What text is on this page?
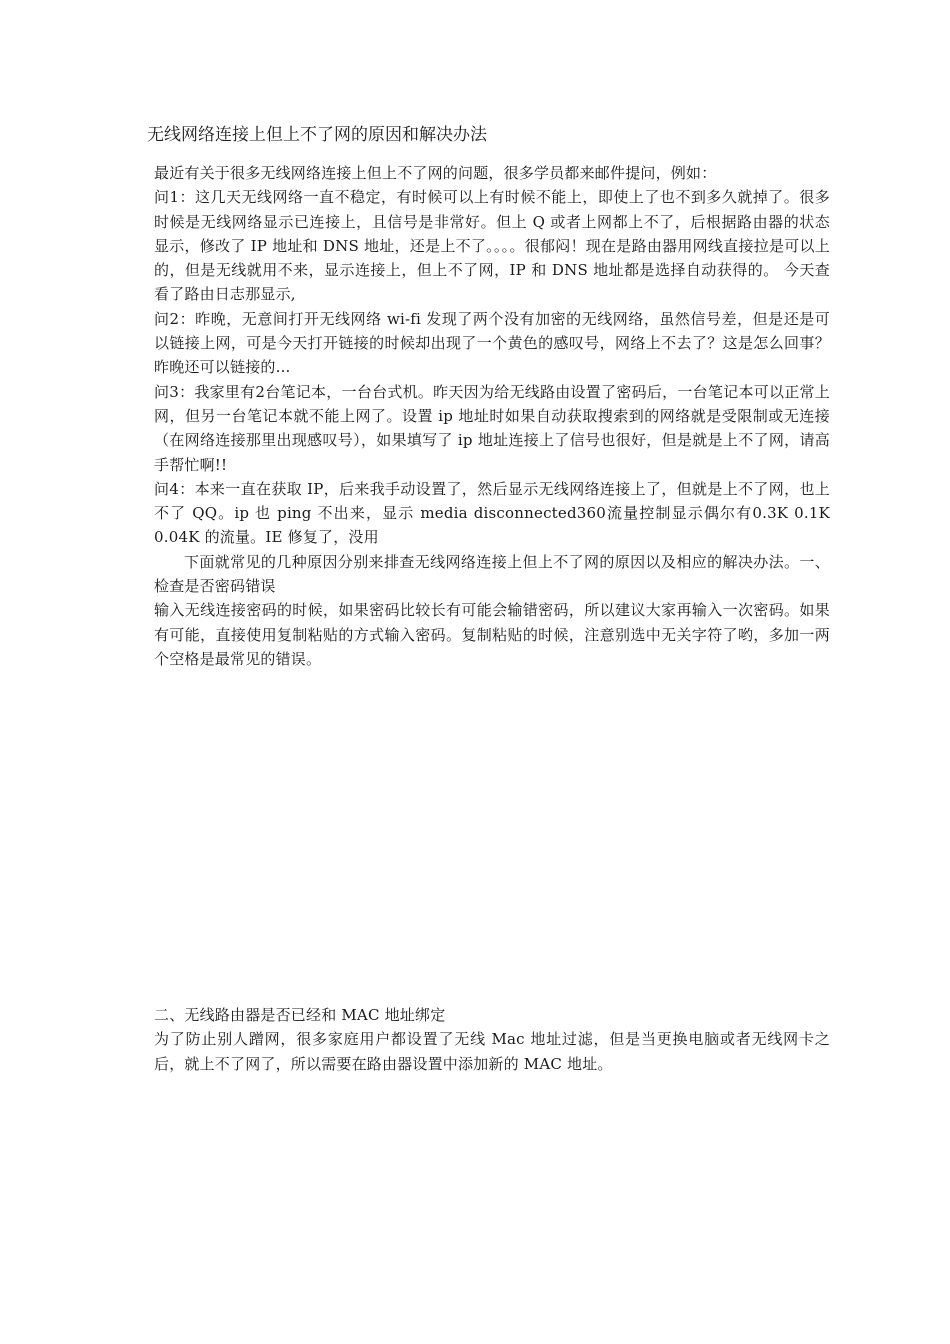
无线网络连接上但上不了网的原因和解决办法

最近有关于很多无线网络连接上但上不了网的问题，很多学员都来邮件提问，例如：

问1：这几天无线网络一直不稳定，有时候可以上有时候不能上，即使上了也不到多久就掉了。很多时候是无线网络显示已连接上，且信号是非常好。但上 Q 或者上网都上不了，后根据路由器的状态显示，修改了 IP 地址和 DNS 地址，还是上不了。。。。很郁闷！现在是路由器用网线直接拉是可以上的，但是无线就用不来，显示连接上，但上不了网，IP 和 DNS 地址都是选择自动获得的。 今天查看了路由日志那显示,

问2：昨晚，无意间打开无线网络 wi-fi 发现了两个没有加密的无线网络，虽然信号差，但是还是可以链接上网，可是今天打开链接的时候却出现了一个黄色的感叹号，网络上不去了？这是怎么回事？昨晚还可以链接的...

问3：我家里有2台笔记本，一台台式机。昨天因为给无线路由设置了密码后，一台笔记本可以正常上网，但另一台笔记本就不能上网了。设置 ip 地址时如果自动获取搜索到的网络就是受限制或无连接（在网络连接那里出现感叹号），如果填写了 ip 地址连接上了信号也很好，但是就是上不了网，请高手帮忙啊!!

问4：本来一直在获取 IP，后来我手动设置了，然后显示无线网络连接上了，但就是上不了网，也上不了 QQ。ip 也 ping 不出来，显示 media disconnected360流量控制显示偶尔有0.3K 0.1K 0.04K 的流量。IE 修复了，没用

下面就常见的几种原因分别来排查无线网络连接上但上不了网的原因以及相应的解决办法。一、检查是否密码错误

输入无线连接密码的时候，如果密码比较长有可能会输错密码，所以建议大家再输入一次密码。如果有可能，直接使用复制粘贴的方式输入密码。复制粘贴的时候，注意别选中无关字符了哟，多加一两个空格是最常见的错误。

二、无线路由器是否已经和 MAC 地址绑定

为了防止别人蹭网，很多家庭用户都设置了无线 Mac 地址过滤，但是当更换电脑或者无线网卡之后，就上不了网了，所以需要在路由器设置中添加新的 MAC 地址。
